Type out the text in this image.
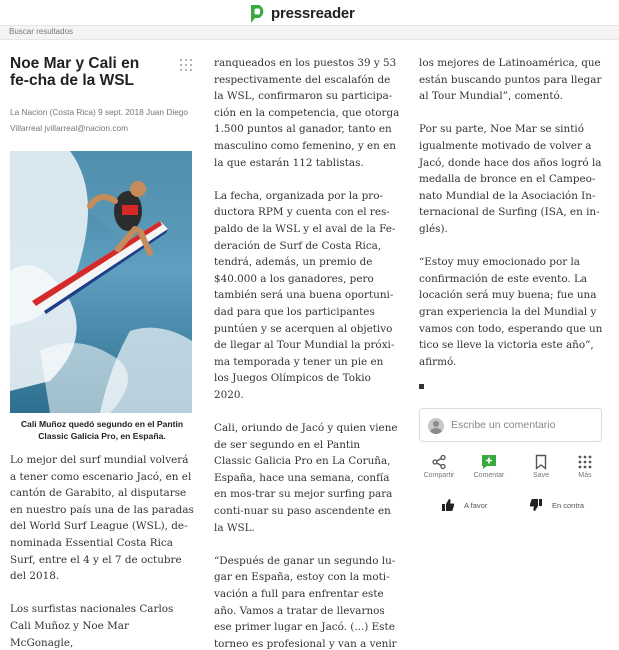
pressreader
Buscar resultados
Noe Mar y Cali en fe-cha de la WSL
La Nacion (Costa Rica) 9 sept. 2018 Juan Diego
Villarreal jvillarreal@nacion.com
Cali Muñoz quedó segundo en el Pantin Classic Galicia Pro, en España.

Lo mejor del surf mundial volverá a tener como escenario Jacó, en el cantón de Garabito, al disputarse en nuestro país una de las paradas del World Surf League (WSL), de-nominada Essential Costa Rica Surf, entre el 4 y el 7 de octubre del 2018.

Los surfistas nacionales Carlos Cali Muñoz y Noe Mar McGonagle,

ranqueados en los puestos 39 y 53 respectivamente del escalafón de la WSL, confirmaron su participa-ción en la competencia, que otorga 1.500 puntos al ganador, tanto en masculino como femenino, y en en la que estarán 112 tablistas.

La fecha, organizada por la pro-ductora RPM y cuenta con el res-paldo de la WSL y el aval de la Fe-deración de Surf de Costa Rica, tendrá, además, un premio de $40.000 a los ganadores, pero también será una buena oportuni-dad para que los participantes puntúen y se acerquen al objetivo de llegar al Tour Mundial la próxi-ma temporada y tener un pie en los Juegos Olímpicos de Tokio 2020.

Cali, oriundo de Jacó y quien viene de ser segundo en el Pantin Classic Galicia Pro en La Coruña, España, hace una semana, confía en mos-trar su mejor surfing para conti-nuar su paso ascendente en la WSL.

“Después de ganar un segundo lu-gar en España, estoy con la moti-vación a full para enfrentar este año. Vamos a tratar de llevarnos ese primer lugar en Jacó. (...) Este torneo es profesional y van a venir

los mejores de Latinoamérica, que están buscando puntos para llegar al Tour Mundial”, comentó.

Por su parte, Noe Mar se sintió igualmente motivado de volver a Jacó, donde hace dos años logró la medalla de bronce en el Campeo-nato Mundial de la Asociación In-ternacional de Surfing (ISA, en in-glés).

“Estoy muy emocionado por la confirmación de este evento. La locación será muy buena; fue una gran experiencia la del Mundial y vamos con todo, esperando que un tico se lleve la victoria este año”, afirmó.

Escribe un comentario
Compartir	Comentar	Save	Más
A favor	En contra
